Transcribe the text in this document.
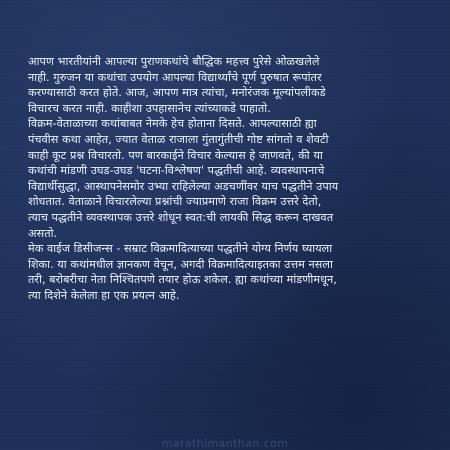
आपण भारतीयांनी आपल्या पुराणकथांचे बौद्धिक महत्त्व पुरेसे ओळखलेले
नाही. गुरुजन या कथांचा उपयोग आपल्या विद्यार्थ्यांचे पूर्ण पुरुषात रूपांतर
करण्यासाठी करत होते. आज, आपण मात्र त्यांचा, मनोरंजक मूल्यांपलीकडे
विचारच करत नाही. काहीशा उपहासानेच त्यांच्याकडे पाहातो.
विक्रम-वेताळाच्या कथांबाबत नेमके हेच होताना दिसते. आपल्यासाठी ह्या
पंचवीस कथा आहेत, ज्यात वेताळ राजाला गुंतागुंतीची गोष्ट सांगतो व शेवटी
काही कूट प्रश्न विचारतो. पण बारकाईने विचार केल्यास हे जाणवते, की या
कथांची मांडणी उघड-उघड 'घटना-विश्लेषण' पद्धतीची आहे. व्यवस्थापनाचे
विद्यार्थीसुद्धा, आस्थापनेसमोर उभ्या राहिलेल्या अडचणींवर याच पद्धतीने उपाय
शोधतात. वेताळाने विचारलेल्या प्रश्नांची ज्याप्रमाणे राजा विक्रम उत्तरे देतो,
त्याच पद्धतीने व्यवस्थापक उत्तरे शोधून स्वत:ची लायकी सिद्ध करून दाखवत
असतो.
मेक वाईज डिसीजन्स - सम्राट विक्रमादित्याच्या पद्धतीने योग्य निर्णय घ्यायला
शिका. या कथांमधील ज्ञानकण वेचून, अगदी विक्रमादित्याइतका उत्तम नसला
तरी, बरोबरीचा नेता निश्चितपणे तयार होऊ शकेल. ह्या कथांच्या मांडणीमधून,
त्या दिशेने केलेला हा एक प्रयत्न आहे.
marathimanthan.com
